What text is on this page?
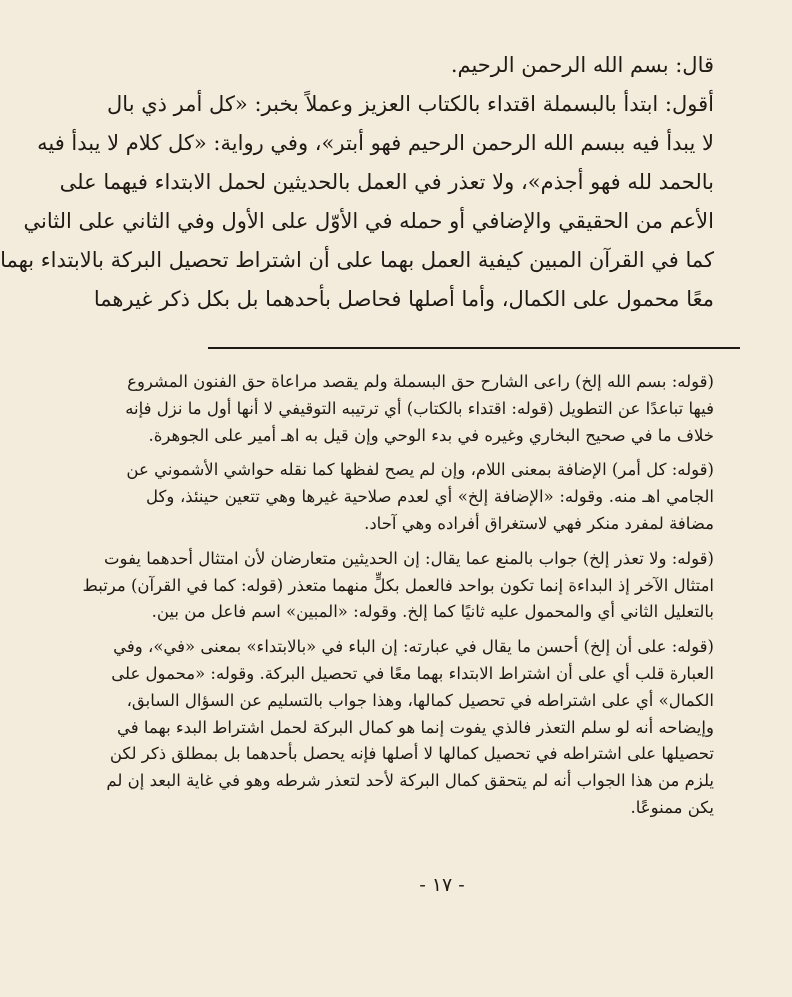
قال: بسم الله الرحمن الرحيم.
أقول: ابتدأ بالبسملة اقتداء بالكتاب العزيز وعملاً بخبر: «كل أمر ذي بال
لا يبدأ فيه ببسم الله الرحمن الرحيم فهو أبتر»، وفي رواية: «كل كلام لا يبدأ فيه
بالحمد لله فهو أجذم»، ولا تعذر في العمل بالحديثين لحمل الابتداء فيهما على
الأعم من الحقيقي والإضافي أو حمله في الأوّل على الأول وفي الثاني على الثاني
كما في القرآن المبين كيفية العمل بهما على أن اشتراط تحصيل البركة بالابتداء بهما
معًا محمول على الكمال، وأما أصلها فحاصل بأحدهما بل بكل ذكر غيرهما
(قوله: بسم الله إلخ) راعى الشارح حق البسملة ولم يقصد مراعاة حق الفنون المشروع
فيها تباعدًا عن التطويل (قوله: اقتداء بالكتاب) أي ترتيبه التوقيفي لا أنها أول ما نزل فإنه
خلاف ما في صحيح البخاري وغيره في بدء الوحي وإن قيل به اهـ أمير على الجوهرة.
(قوله: كل أمر) الإضافة بمعنى اللام، وإن لم يصح لفظها كما نقله حواشي الأشموني عن
الجامي اهـ منه. وقوله: «الإضافة إلخ» أي لعدم صلاحية غيرها وهي تتعين حينئذ، وكل
مضافة لمفرد منكر فهي لاستغراق أفراده وهي آحاد.
(قوله: ولا تعذر إلخ) جواب بالمنع عما يقال: إن الحديثين متعارضان لأن امتثال أحدهما يفوت
امتثال الآخر إذ البداءة إنما تكون بواحد فالعمل بكلٍّ منهما متعذر (قوله: كما في القرآن) مرتبط
بالتعليل الثاني أي والمحمول عليه ثانيًا كما إلخ. وقوله: «المبين» اسم فاعل من بين.
(قوله: على أن إلخ) أحسن ما يقال في عبارته: إن الباء في «بالابتداء» بمعنى «في»، وفي
العبارة قلب أي على أن اشتراط الابتداء بهما معًا في تحصيل البركة. وقوله: «محمول على
الكمال» أي على اشتراطه في تحصيل كمالها، وهذا جواب بالتسليم عن السؤال السابق،
وإيضاحه أنه لو سلم التعذر فالذي يفوت إنما هو كمال البركة لحمل اشتراط البدء بهما في
تحصيلها على اشتراطه في تحصيل كمالها لا أصلها فإنه يحصل بأحدهما بل بمطلق ذكر لكن
يلزم من هذا الجواب أنه لم يتحقق كمال البركة لأحد لتعذر شرطه وهو في غاية البعد إن لم
يكن ممنوعًا.
- ١٧ -
